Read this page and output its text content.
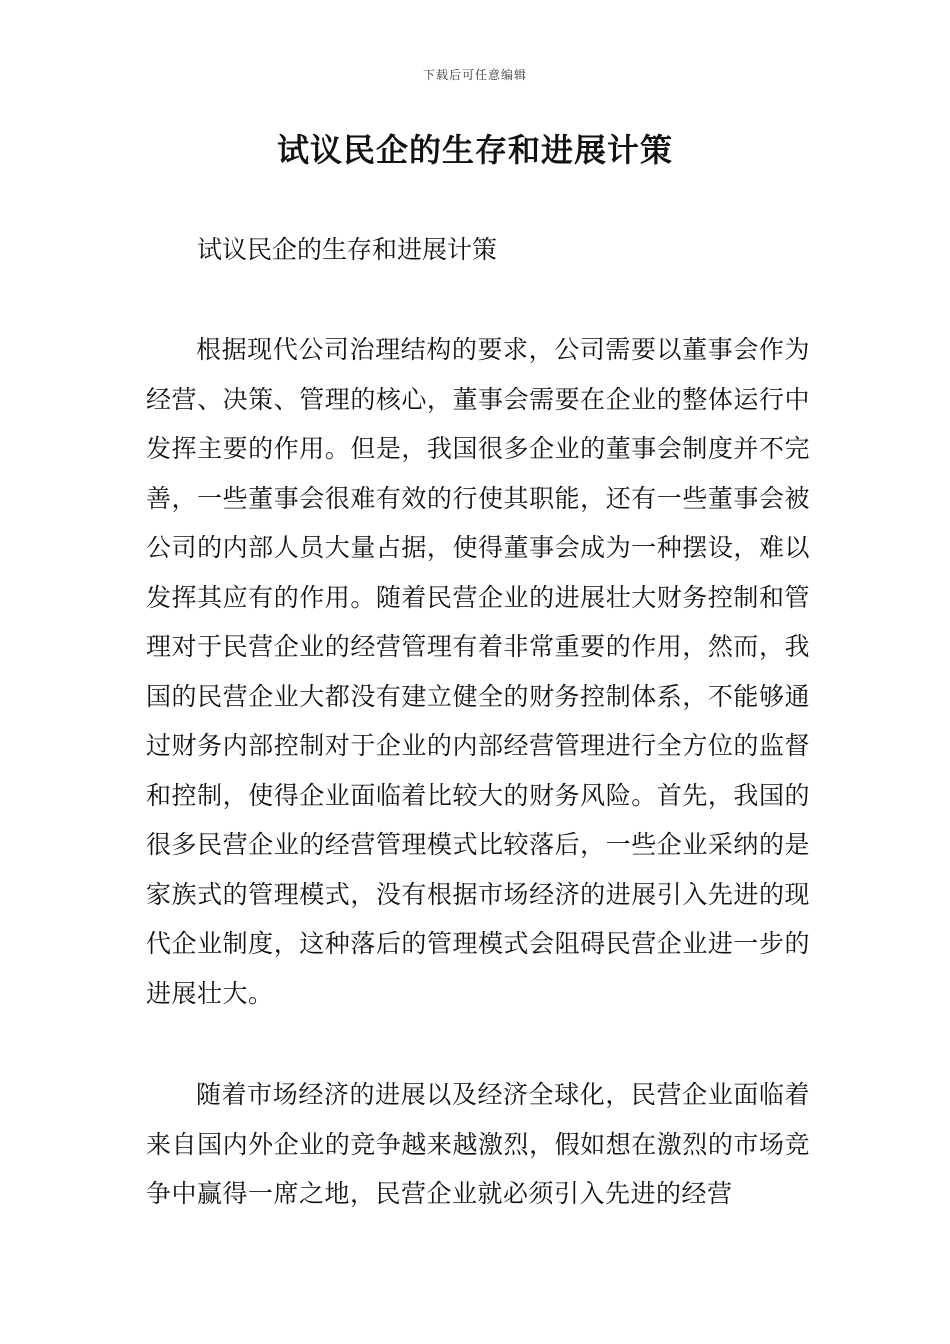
下载后可任意编辑
试议民企的生存和进展计策

试议民企的生存和进展计策

根据现代公司治理结构的要求，公司需要以董事会作为经营、决策、管理的核心，董事会需要在企业的整体运行中发挥主要的作用。但是，我国很多企业的董事会制度并不完善，一些董事会很难有效的行使其职能，还有一些董事会被公司的内部人员大量占据，使得董事会成为一种摆设，难以发挥其应有的作用。随着民营企业的进展壮大财务控制和管理对于民营企业的经营管理有着非常重要的作用，然而，我国的民营企业大都没有建立健全的财务控制体系，不能够通过财务内部控制对于企业的内部经营管理进行全方位的监督和控制，使得企业面临着比较大的财务风险。首先，我国的很多民营企业的经营管理模式比较落后，一些企业采纳的是家族式的管理模式，没有根据市场经济的进展引入先进的现代企业制度，这种落后的管理模式会阻碍民营企业进一步的进展壮大。

随着市场经济的进展以及经济全球化，民营企业面临着来自国内外企业的竞争越来越激烈，假如想在激烈的市场竞争中赢得一席之地，民营企业就必须引入先进的经营
